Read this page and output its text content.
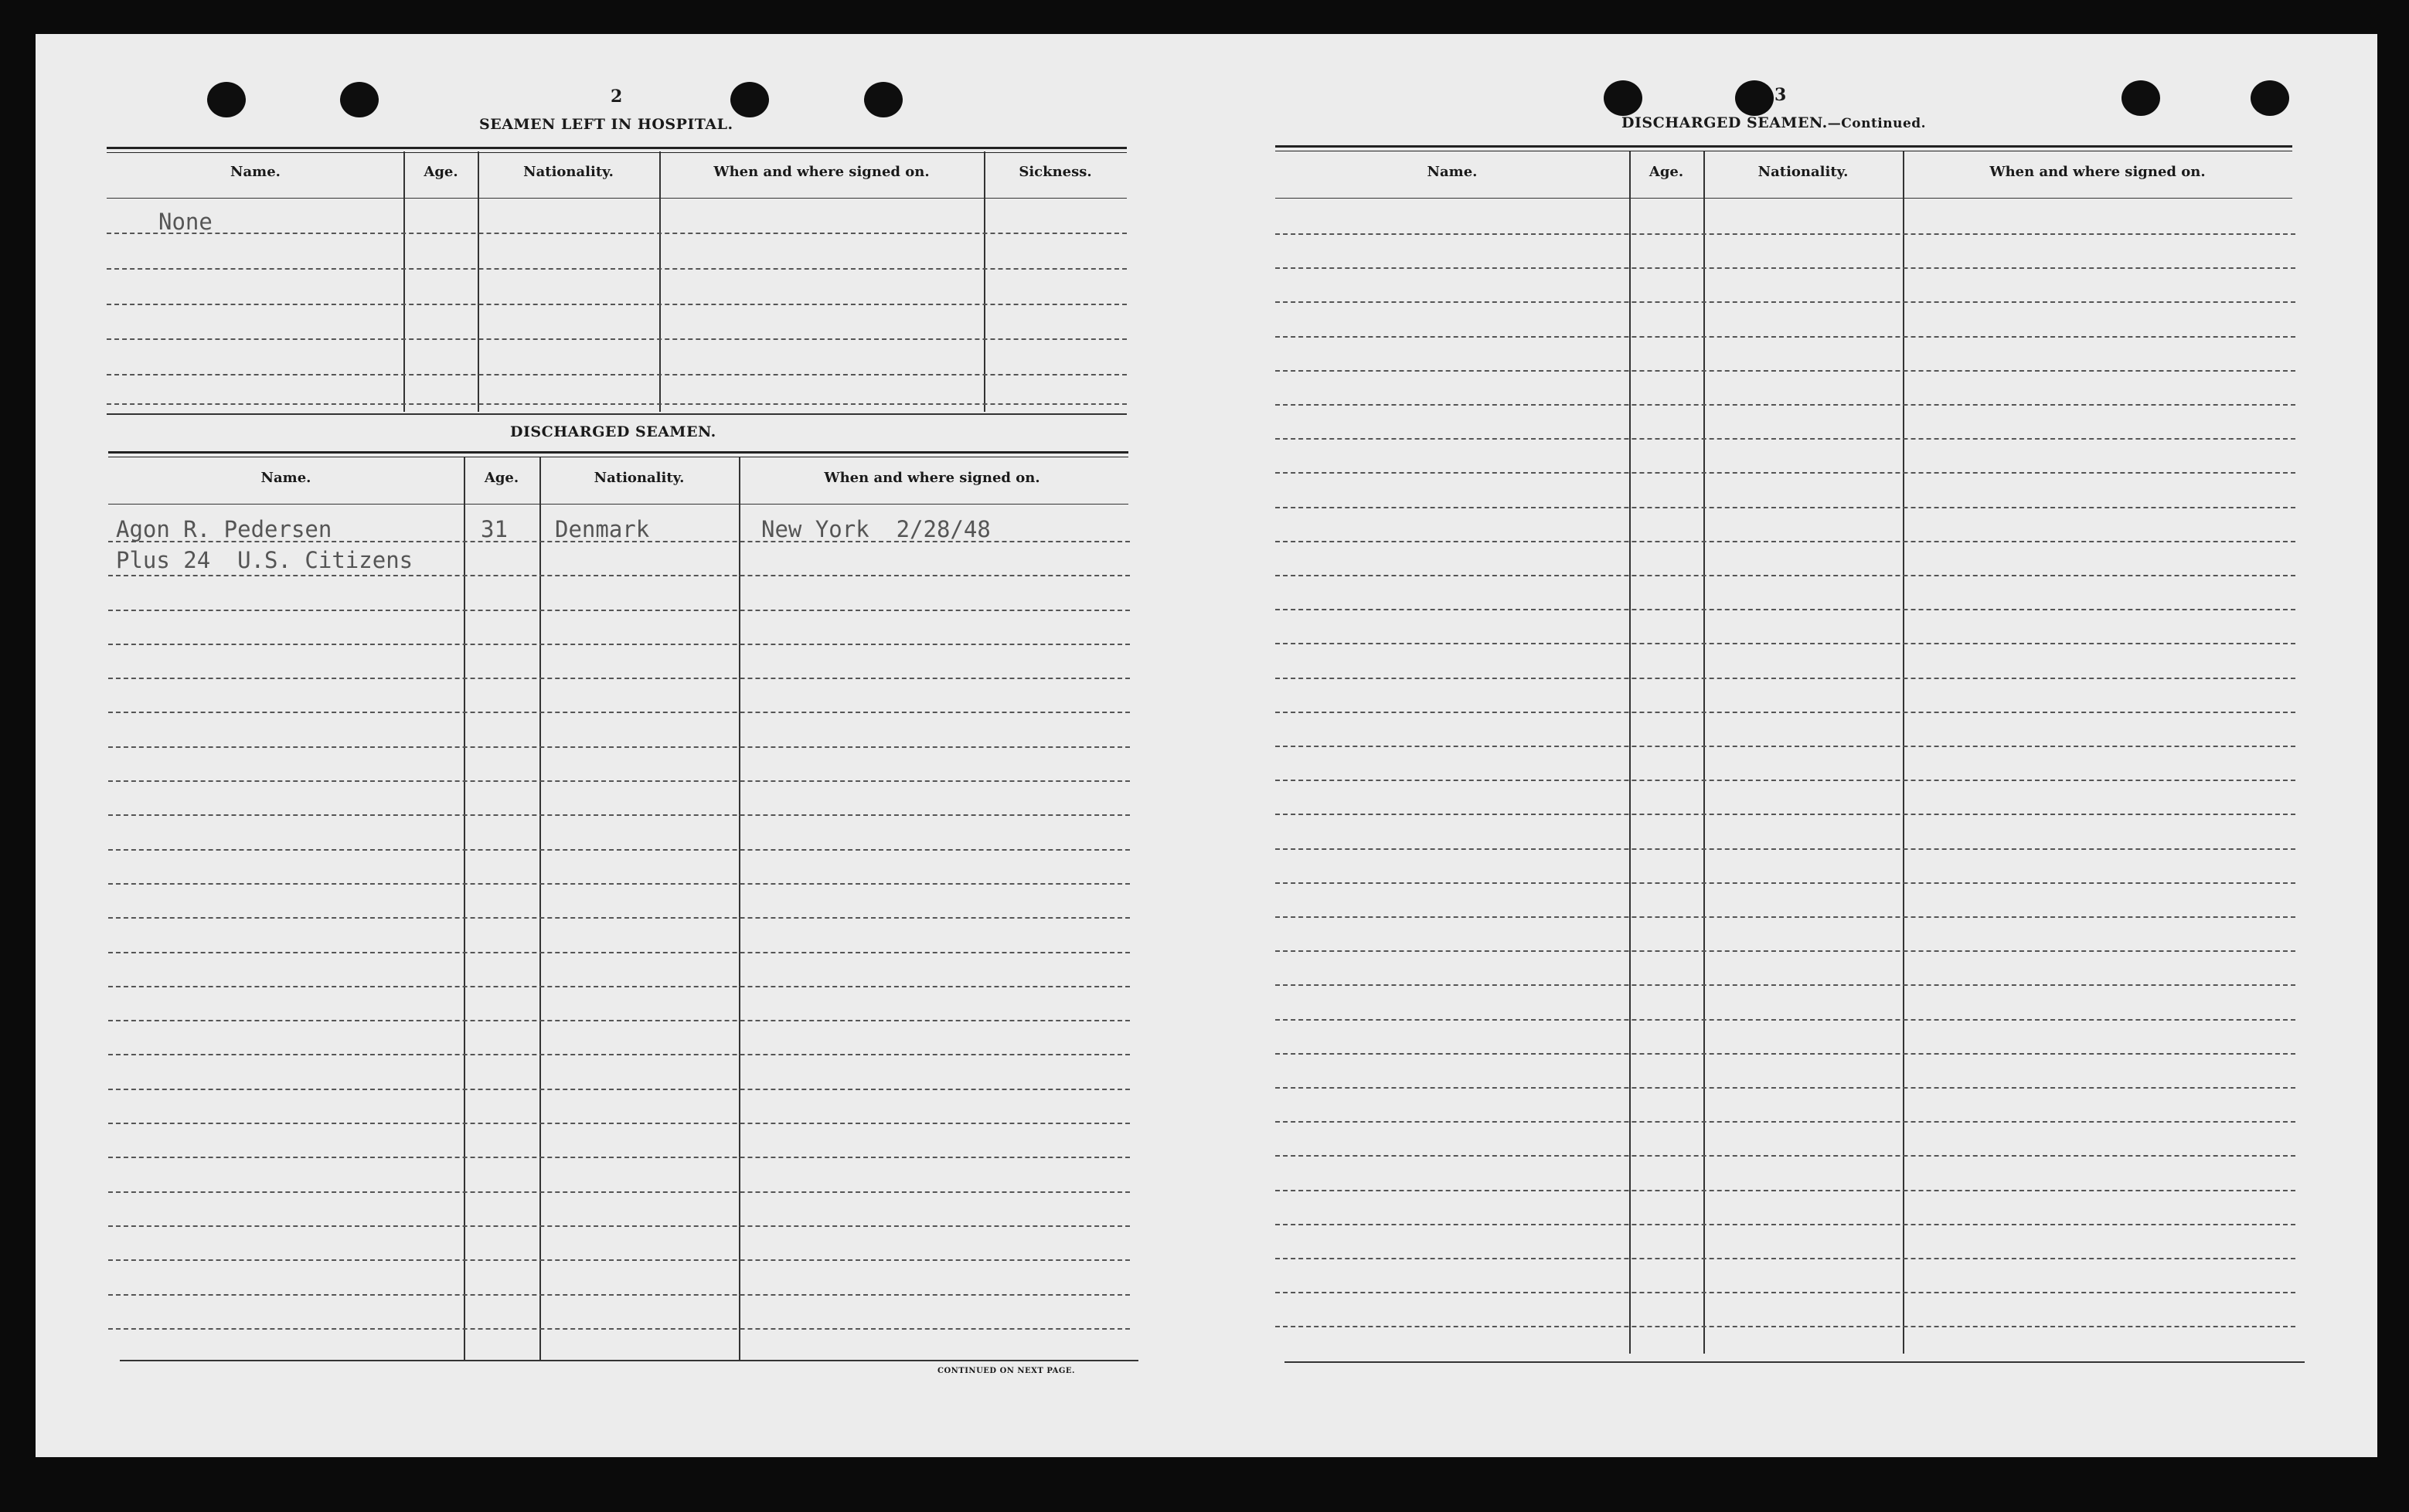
2
SEAMEN LEFT IN HOSPITAL.
Name.	Age.	Nationality.	When and where signed on.	Sickness.
None
DISCHARGED SEAMEN.
Name.	Age.	Nationality.	When and where signed on.
Agon R. Pedersen	31 Denmark	New York  2/28/48
Plus 24  U.S. Citizens
CONTINUED ON NEXT PAGE.
3
DISCHARGED SEAMEN.—Continued.
Name.	Age.	Nationality.	When and where signed on.
